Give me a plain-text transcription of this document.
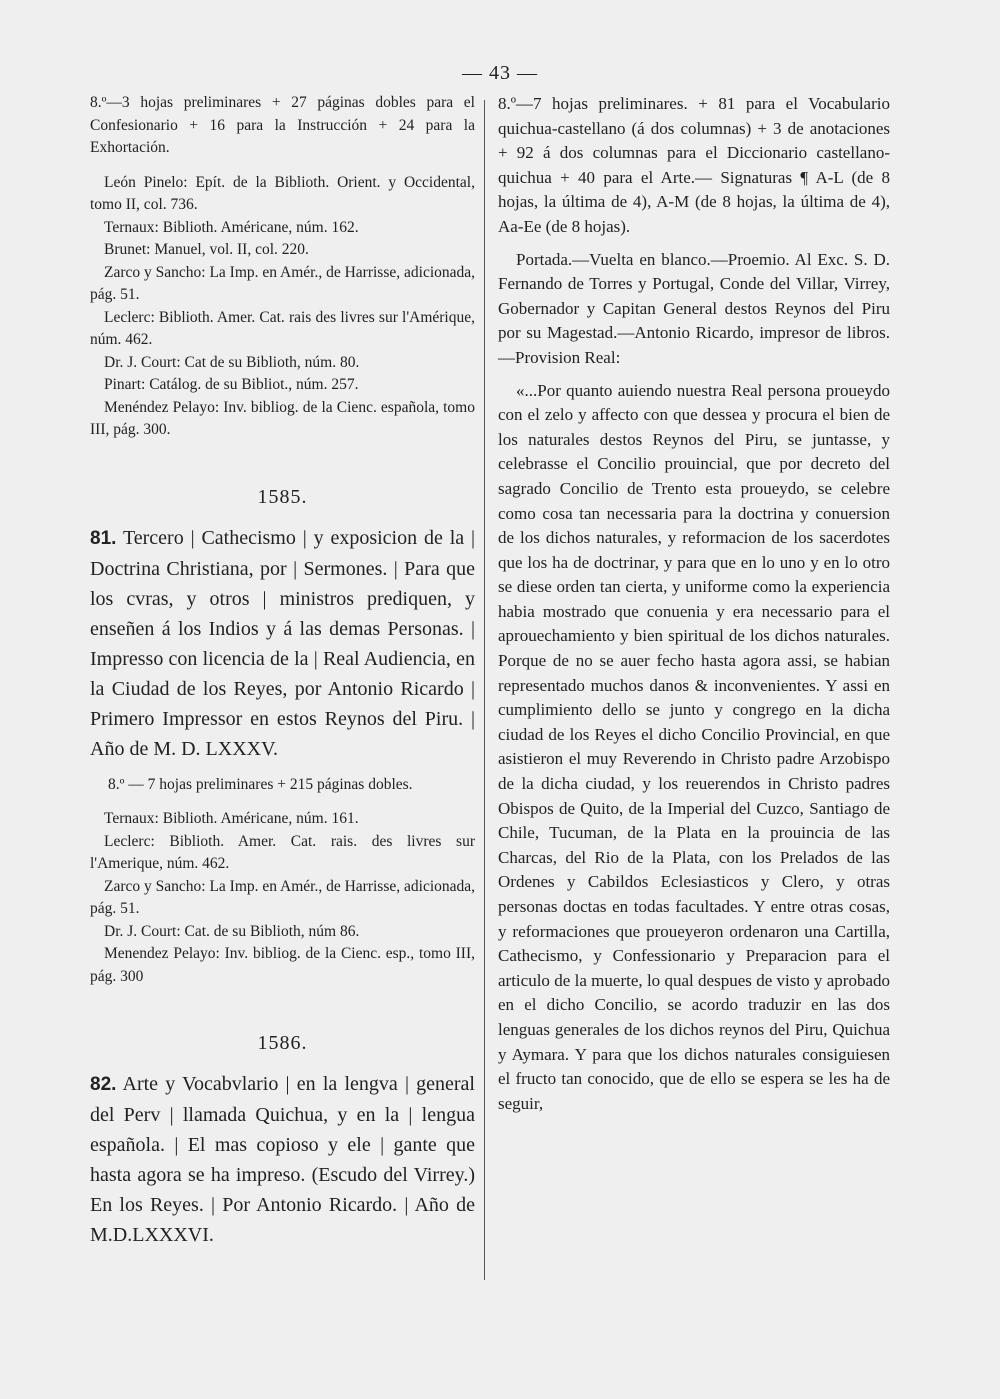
— 43 —

8.º—3 hojas preliminares + 27 páginas dobles para el Confesionario + 16 para la Instrucción + 24 para la Exhortación.

León Pinelo: Epít. de la Biblioth. Orient. y Occidental, tomo II, col. 736.

Ternaux: Biblioth. Américane, núm. 162.

Brunet: Manuel, vol. II, col. 220.

Zarco y Sancho: La Imp. en Amér., de Harrisse, adicionada, pág. 51.

Leclerc: Biblioth. Amer. Cat. rais des livres sur l'Amérique, núm. 462.

Dr. J. Court: Cat de su Biblioth, núm. 80.

Pinart: Catálog. de su Bibliot., núm. 257.

Menéndez Pelayo: Inv. bibliog. de la Cienc. española, tomo III, pág. 300.

1585.

81. Tercero | Cathecismo | y exposicion de la | Doctrina Christiana, por | Sermones. | Para que los cvras, y otros | ministros prediquen, y enseñen á los Indios y á las demas Personas. | Impresso con licencia de la | Real Audiencia, en la Ciudad de los Reyes, por Antonio Ricardo | Primero Impressor en estos Reynos del Piru. | Año de M. D. LXXXV.

8.º — 7 hojas preliminares + 215 páginas dobles.

Ternaux: Biblioth. Américane, núm. 161.

Leclerc: Biblioth. Amer. Cat. rais. des livres sur l'Amerique, núm. 462.

Zarco y Sancho: La Imp. en Amér., de Harrisse, adicionada, pág. 51.

Dr. J. Court: Cat. de su Biblioth, núm 86.

Menendez Pelayo: Inv. bibliog. de la Cienc. esp., tomo III, pág. 300

1586.

82. Arte y Vocabvlario | en la lengva | general del Perv | llamada Quichua, y en la | lengua española. | El mas copioso y ele | gante que hasta agora se ha impreso. (Escudo del Virrey.) En los Reyes. | Por Antonio Ricardo. | Año de M.D.LXXXVI.

8.º—7 hojas preliminares. + 81 para el Vocabulario quichua-castellano (á dos columnas) + 3 de anotaciones + 92 á dos columnas para el Diccionario castellano-quichua + 40 para el Arte.— Signaturas ¶ A-L (de 8 hojas, la última de 4), A-M (de 8 hojas, la última de 4), Aa-Ee (de 8 hojas).

Portada.—Vuelta en blanco.—Proemio. Al Exc. S. D. Fernando de Torres y Portugal, Conde del Villar, Virrey, Gobernador y Capitan General destos Reynos del Piru por su Magestad.—Antonio Ricardo, impresor de libros.—Provision Real:

«...Por quanto auiendo nuestra Real persona proueydo con el zelo y affecto con que dessea y procura el bien de los naturales destos Reynos del Piru, se juntasse, y celebrasse el Concilio prouincial, que por decreto del sagrado Concilio de Trento esta proueydo, se celebre como cosa tan necessaria para la doctrina y conuersion de los dichos naturales, y reformacion de los sacerdotes que los ha de doctrinar, y para que en lo uno y en lo otro se diese orden tan cierta, y uniforme como la experiencia habia mostrado que conuenia y era necessario para el aprouechamiento y bien spiritual de los dichos naturales. Porque de no se auer fecho hasta agora assi, se habian representado muchos danos & inconvenientes. Y assi en cumplimiento dello se junto y congrego en la dicha ciudad de los Reyes el dicho Concilio Provincial, en que asistieron el muy Reverendo in Christo padre Arzobispo de la dicha ciudad, y los reuerendos in Christo padres Obispos de Quito, de la Imperial del Cuzco, Santiago de Chile, Tucuman, de la Plata en la prouincia de las Charcas, del Rio de la Plata, con los Prelados de las Ordenes y Cabildos Eclesiasticos y Clero, y otras personas doctas en todas facultades. Y entre otras cosas, y reformaciones que proueyeron ordenaron una Cartilla, Cathecismo, y Confessionario y Preparacion para el articulo de la muerte, lo qual despues de visto y aprobado en el dicho Concilio, se acordo traduzir en las dos lenguas generales de los dichos reynos del Piru, Quichua y Aymara. Y para que los dichos naturales consiguiesen el fructo tan conocido, que de ello se espera se les ha de seguir,
